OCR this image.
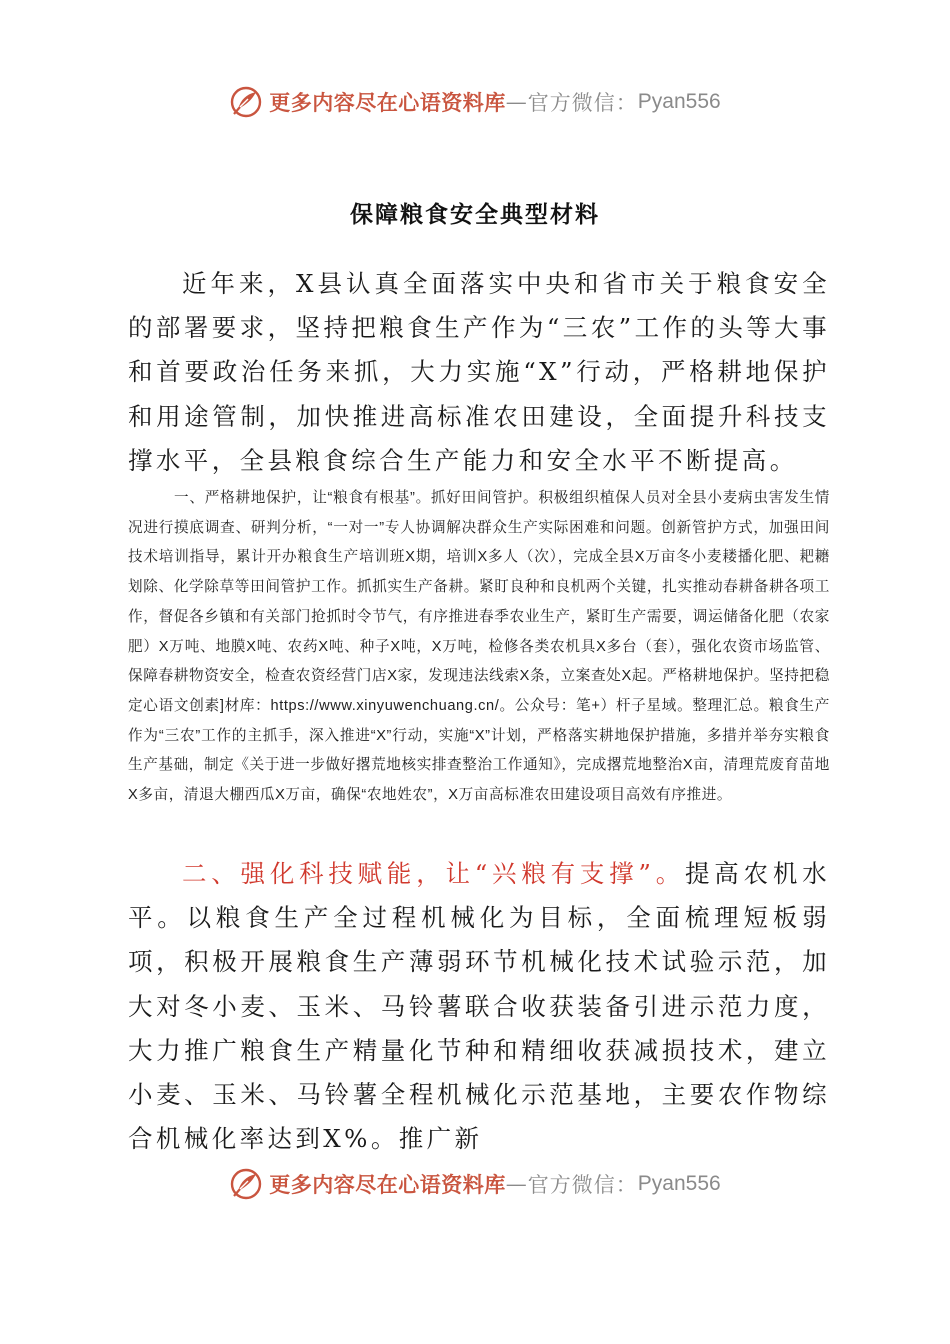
更多内容尽在心语资料库 — 官方微信： Pyan556
保障粮食安全典型材料

近年来，X县认真全面落实中央和省市关于粮食安全的部署要求，坚持把粮食生产作为“三农”工作的头等大事和首要政治任务来抓，大力实施“X”行动，严格耕地保护和用途管制，加快推进高标准农田建设，全面提升科技支撑水平，全县粮食综合生产能力和安全水平不断提高。

一、严格耕地保护，让“粮食有根基”。抓好田间管护。积极组织植保人员对全县小麦病虫害发生情况进行摸底调查、研判分析，“一对一”专人协调解决群众生产实际困难和问题。创新管护方式，加强田间技术培训指导，累计开办粮食生产培训班X期，培训X多人（次），完成全县X万亩冬小麦耧播化肥、耙耱划除、化学除草等田间管护工作。抓抓实生产备耕。紧盯良种和良机两个关键，扎实推动春耕备耕各项工作，督促各乡镇和有关部门抢抓时令节气，有序推进春季农业生产，紧盯生产需要，调运储备化肥（农家肥）X万吨、地膜X吨、农药X吨、种子X吨，X万吨，检修各类农机具X多台（套），强化农资市场监管、保障春耕物资安全，检查农资经营门店X家，发现违法线索X条，立案查处X起。严格耕地保护。坚持把稳定心语文创素]材库：https://www.xinyuwenchuang.cn/。公众号：笔+）杆子星域。整理汇总。粮食生产作为“三农”工作的主抓手，深入推进“X”行动，实施“X”计划，严格落实耕地保护措施，多措并举夯实粮食生产基础，制定《关于进一步做好撂荒地核实排查整治工作通知》，完成撂荒地整治X亩，清理荒废育苗地X多亩，清退大棚西瓜X万亩，确保“农地姓农”，X万亩高标准农田建设项目高效有序推进。

二、强化科技赋能，让“兴粮有支撑”。提高农机水平。以粮食生产全过程机械化为目标，全面梳理短板弱项，积极开展粮食生产薄弱环节机械化技术试验示范，加大对冬小麦、玉米、马铃薯联合收获装备引进示范力度，大力推广粮食生产精量化节种和精细收获减损技术，建立小麦、玉米、马铃薯全程机械化示范基地，主要农作物综合机械化率达到X%。推广新

更多内容尽在心语资料库 — 官方微信： Pyan556
